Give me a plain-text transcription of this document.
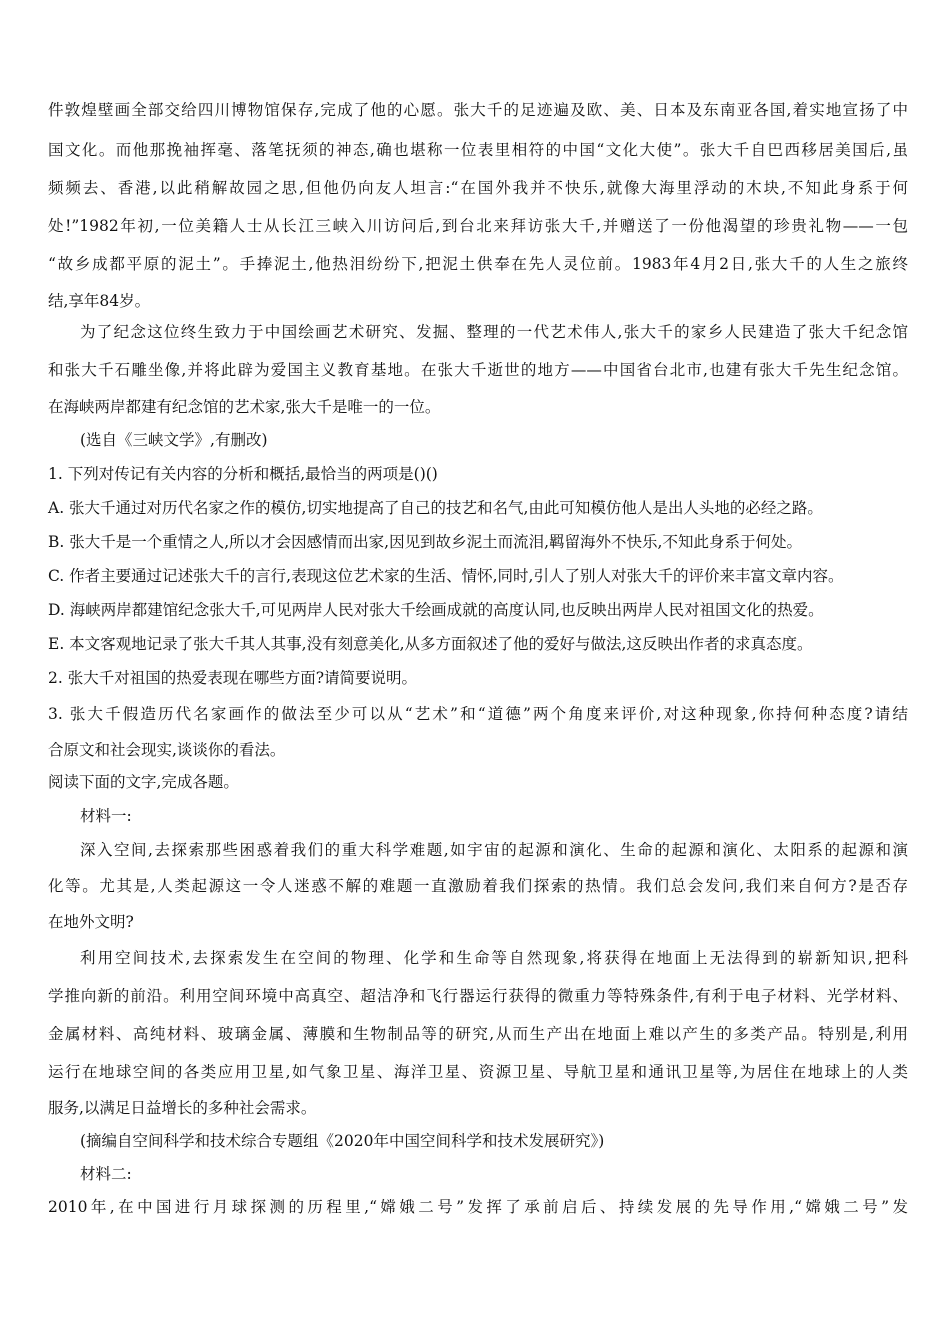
件敦煌壁画全部交给四川博物馆保存,完成了他的心愿。张大千的足迹遍及欧、美、日本及东南亚各国,着实地宣扬了中
国文化。而他那挽袖挥毫、落笔抚须的神态,确也堪称一位表里相符的中国“文化大使”。张大千自巴西移居美国后,虽
频频去、香港,以此稍解故园之思,但他仍向友人坦言:“在国外我并不快乐,就像大海里浮动的木块,不知此身系于何
处!”1982年初,一位美籍人士从长江三峡入川访问后,到台北来拜访张大千,并赠送了一份他渴望的珍贵礼物——一包
“故乡成都平原的泥土”。手捧泥土,他热泪纷纷下,把泥土供奉在先人灵位前。1983年4月2日,张大千的人生之旅终
结,享年84岁。
为了纪念这位终生致力于中国绘画艺术研究、发掘、整理的一代艺术伟人,张大千的家乡人民建造了张大千纪念馆
和张大千石雕坐像,并将此辟为爱国主义教育基地。在张大千逝世的地方——中国省台北市,也建有张大千先生纪念馆。
在海峡两岸都建有纪念馆的艺术家,张大千是唯一的一位。
(选自《三峡文学》,有删改)
1. 下列对传记有关内容的分析和概括,最恰当的两项是()()
A. 张大千通过对历代名家之作的模仿,切实地提高了自己的技艺和名气,由此可知模仿他人是出人头地的必经之路。
B. 张大千是一个重情之人,所以才会因感情而出家,因见到故乡泥土而流泪,羁留海外不快乐,不知此身系于何处。
C. 作者主要通过记述张大千的言行,表现这位艺术家的生活、情怀,同时,引人了别人对张大千的评价来丰富文章内容。
D. 海峡两岸都建馆纪念张大千,可见两岸人民对张大千绘画成就的高度认同,也反映出两岸人民对祖国文化的热爱。
E. 本文客观地记录了张大千其人其事,没有刻意美化,从多方面叙述了他的爱好与做法,这反映出作者的求真态度。
2. 张大千对祖国的热爱表现在哪些方面?请简要说明。
3. 张大千假造历代名家画作的做法至少可以从“艺术”和“道德”两个角度来评价,对这种现象,你持何种态度?请结
合原文和社会现实,谈谈你的看法。
阅读下面的文字,完成各题。
材料一:
深入空间,去探索那些困惑着我们的重大科学难题,如宇宙的起源和演化、生命的起源和演化、太阳系的起源和演
化等。尤其是,人类起源这一令人迷惑不解的难题一直激励着我们探索的热情。我们总会发问,我们来自何方?是否存
在地外文明?
利用空间技术,去探索发生在空间的物理、化学和生命等自然现象,将获得在地面上无法得到的崭新知识,把科
学推向新的前沿。利用空间环境中高真空、超洁净和飞行器运行获得的微重力等特殊条件,有利于电子材料、光学材料、
金属材料、高纯材料、玻璃金属、薄膜和生物制品等的研究,从而生产出在地面上难以产生的多类产品。特别是,利用
运行在地球空间的各类应用卫星,如气象卫星、海洋卫星、资源卫星、导航卫星和通讯卫星等,为居住在地球上的人类
服务,以满足日益增长的多种社会需求。
(摘编自空间科学和技术综合专题组《2020年中国空间科学和技术发展研究》)
材料二:
2010年,在中国进行月球探测的历程里,“嫦娥二号”发挥了承前启后、持续发展的先导作用,“嫦娥二号”发
